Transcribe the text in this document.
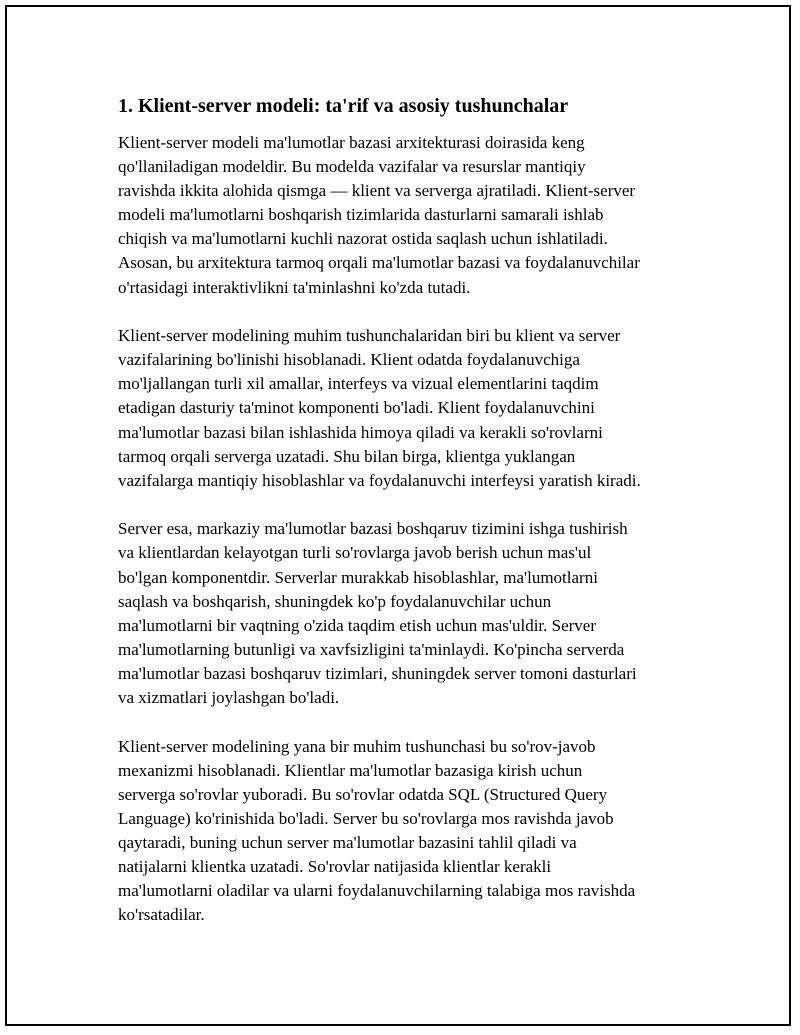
1. Klient-server modeli: ta'rif va asosiy tushunchalar
Klient-server modeli ma'lumotlar bazasi arxitekturasi doirasida keng
qo'llaniladigan modeldir. Bu modelda vazifalar va resurslar mantiqiy
ravishda ikkita alohida qismga — klient va serverga ajratiladi. Klient-server
modeli ma'lumotlarni boshqarish tizimlarida dasturlarni samarali ishlab
chiqish va ma'lumotlarni kuchli nazorat ostida saqlash uchun ishlatiladi.
Asosan, bu arxitektura tarmoq orqali ma'lumotlar bazasi va foydalanuvchilar
o'rtasidagi interaktivlikni ta'minlashni ko'zda tutadi.
Klient-server modelining muhim tushunchalaridan biri bu klient va server
vazifalarining bo'linishi hisoblanadi. Klient odatda foydalanuvchiga
mo'ljallangan turli xil amallar, interfeys va vizual elementlarini taqdim
etadigan dasturiy ta'minot komponenti bo'ladi. Klient foydalanuvchini
ma'lumotlar bazasi bilan ishlashida himoya qiladi va kerakli so'rovlarni
tarmoq orqali serverga uzatadi. Shu bilan birga, klientga yuklangan
vazifalarga mantiqiy hisoblashlar va foydalanuvchi interfeysi yaratish kiradi.
Server esa, markaziy ma'lumotlar bazasi boshqaruv tizimini ishga tushirish
va klientlardan kelayotgan turli so'rovlarga javob berish uchun mas'ul
bo'lgan komponentdir. Serverlar murakkab hisoblashlar, ma'lumotlarni
saqlash va boshqarish, shuningdek ko'p foydalanuvchilar uchun
ma'lumotlarni bir vaqtning o'zida taqdim etish uchun mas'uldir. Server
ma'lumotlarning butunligi va xavfsizligini ta'minlaydi. Ko'pincha serverda
ma'lumotlar bazasi boshqaruv tizimlari, shuningdek server tomoni dasturlari
va xizmatlari joylashgan bo'ladi.
Klient-server modelining yana bir muhim tushunchasi bu so'rov-javob
mexanizmi hisoblanadi. Klientlar ma'lumotlar bazasiga kirish uchun
serverga so'rovlar yuboradi. Bu so'rovlar odatda SQL (Structured Query
Language) ko'rinishida bo'ladi. Server bu so'rovlarga mos ravishda javob
qaytaradi, buning uchun server ma'lumotlar bazasini tahlil qiladi va
natijalarni klientka uzatadi. So'rovlar natijasida klientlar kerakli
ma'lumotlarni oladilar va ularni foydalanuvchilarning talabiga mos ravishda
ko'rsatadilar.
